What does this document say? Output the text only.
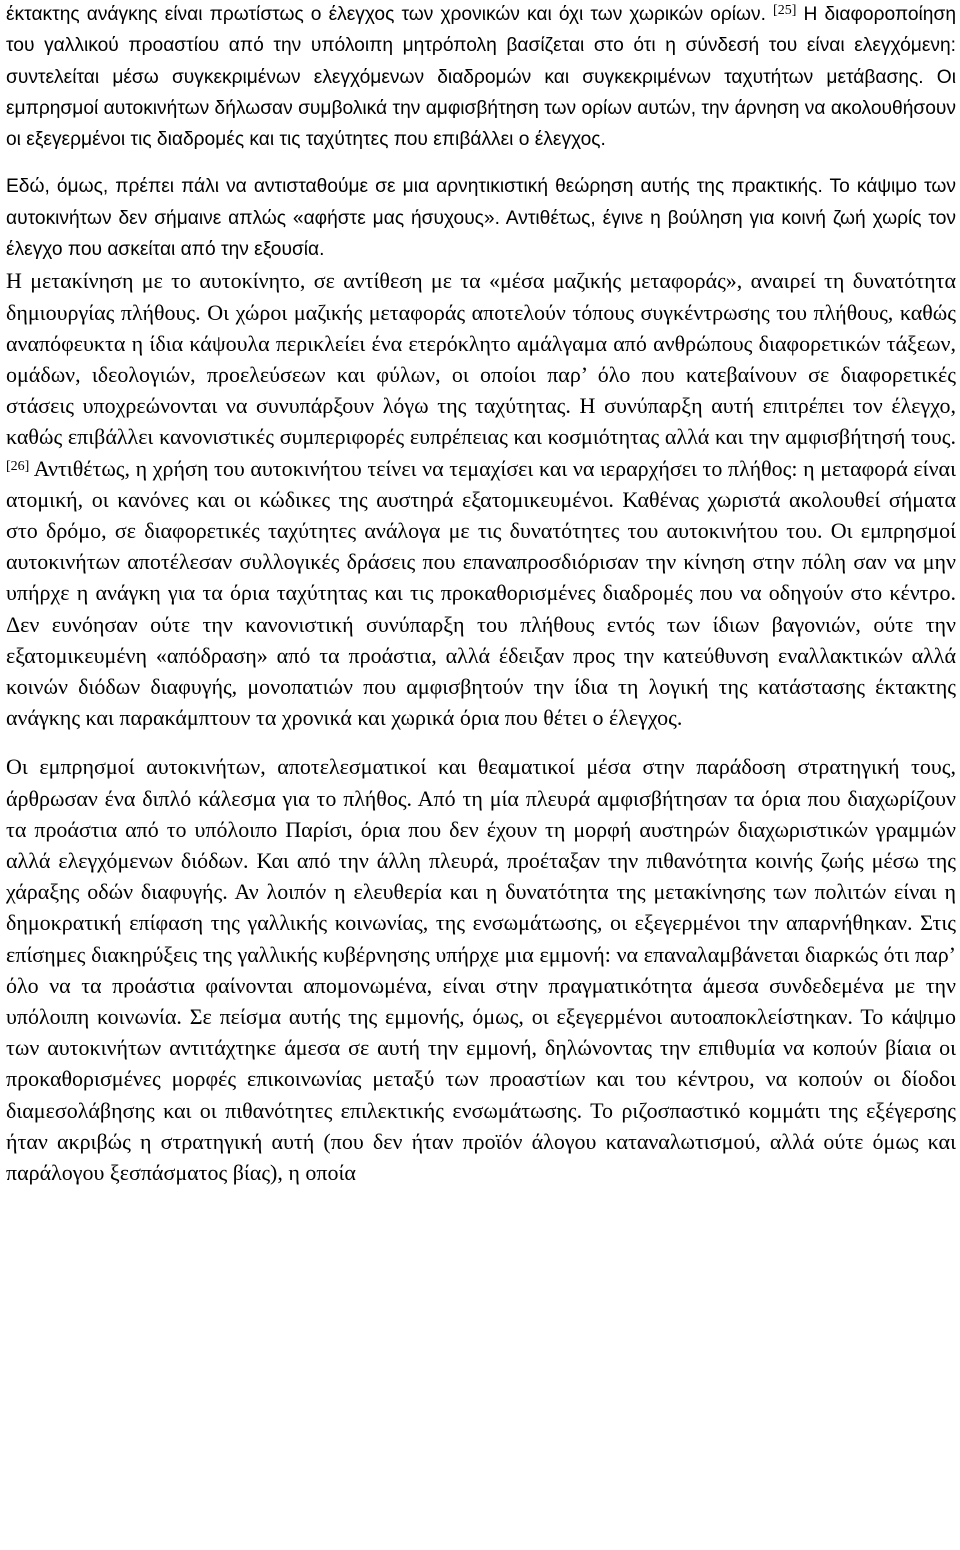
έκτακτης ανάγκης είναι πρωτίστως ο έλεγχος των χρονικών και όχι των χωρικών ορίων. [25] Η διαφοροποίηση του γαλλικού προαστίου από την υπόλοιπη μητρόπολη βασίζεται στο ότι η σύνδεσή του είναι ελεγχόμενη: συντελείται μέσω συγκεκριμένων ελεγχόμενων διαδρομών και συγκεκριμένων ταχυτήτων μετάβασης. Οι εμπρησμοί αυτοκινήτων δήλωσαν συμβολικά την αμφισβήτηση των ορίων αυτών, την άρνηση να ακολουθήσουν οι εξεγερμένοι τις διαδρομές και τις ταχύτητες που επιβάλλει ο έλεγχος.

Εδώ, όμως, πρέπει πάλι να αντισταθούμε σε μια αρνητικιστική θεώρηση αυτής της πρακτικής. Το κάψιμο των αυτοκινήτων δεν σήμαινε απλώς «αφήστε μας ήσυχους». Αντιθέτως, έγινε η βούληση για κοινή ζωή χωρίς τον έλεγχο που ασκείται από την εξουσία.

Η μετακίνηση με το αυτοκίνητο, σε αντίθεση με τα «μέσα μαζικής μεταφοράς», αναιρεί τη δυνατότητα δημιουργίας πλήθους. Οι χώροι μαζικής μεταφοράς αποτελούν τόπους συγκέντρωσης του πλήθους, καθώς αναπόφευκτα η ίδια κάψουλα περικλείει ένα ετερόκλητο αμάλγαμα από ανθρώπους διαφορετικών τάξεων, ομάδων, ιδεολογιών, προελεύσεων και φύλων, οι οποίοι παρ’ όλο που κατεβαίνουν σε διαφορετικές στάσεις υποχρεώνονται να συνυπάρξουν λόγω της ταχύτητας. Η συνύπαρξη αυτή επιτρέπει τον έλεγχο, καθώς επιβάλλει κανονιστικές συμπεριφορές ευπρέπειας και κοσμιότητας αλλά και την αμφισβήτησή τους. [26] Αντιθέτως, η χρήση του αυτοκινήτου τείνει να τεμαχίσει και να ιεραρχήσει το πλήθος: η μεταφορά είναι ατομική, οι κανόνες και οι κώδικες της αυστηρά εξατομικευμένοι. Καθένας χωριστά ακολουθεί σήματα στο δρόμο, σε διαφορετικές ταχύτητες ανάλογα με τις δυνατότητες του αυτοκινήτου του. Οι εμπρησμοί αυτοκινήτων αποτέλεσαν συλλογικές δράσεις που επαναπροσδιόρισαν την κίνηση στην πόλη σαν να μην υπήρχε η ανάγκη για τα όρια ταχύτητας και τις προκαθορισμένες διαδρομές που να οδηγούν στο κέντρο. Δεν ευνόησαν ούτε την κανονιστική συνύπαρξη του πλήθους εντός των ίδιων βαγονιών, ούτε την εξατομικευμένη «απόδραση» από τα προάστια, αλλά έδειξαν προς την κατεύθυνση εναλλακτικών αλλά κοινών διόδων διαφυγής, μονοπατιών που αμφισβητούν την ίδια τη λογική της κατάστασης έκτακτης ανάγκης και παρακάμπτουν τα χρονικά και χωρικά όρια που θέτει ο έλεγχος.

Οι εμπρησμοί αυτοκινήτων, αποτελεσματικοί και θεαματικοί μέσα στην παράδοση στρατηγική τους, άρθρωσαν ένα διπλό κάλεσμα για το πλήθος. Από τη μία πλευρά αμφισβήτησαν τα όρια που διαχωρίζουν τα προάστια από το υπόλοιπο Παρίσι, όρια που δεν έχουν τη μορφή αυστηρών διαχωριστικών γραμμών αλλά ελεγχόμενων διόδων. Και από την άλλη πλευρά, προέταξαν την πιθανότητα κοινής ζωής μέσω της χάραξης οδών διαφυγής. Αν λοιπόν η ελευθερία και η δυνατότητα της μετακίνησης των πολιτών είναι η δημοκρατική επίφαση της γαλλικής κοινωνίας, της ενσωμάτωσης, οι εξεγερμένοι την απαρνήθηκαν. Στις επίσημες διακηρύξεις της γαλλικής κυβέρνησης υπήρχε μια εμμονή: να επαναλαμβάνεται διαρκώς ότι παρ’ όλο να τα προάστια φαίνονται απομονωμένα, είναι στην πραγματικότητα άμεσα συνδεδεμένα με την υπόλοιπη κοινωνία. Σε πείσμα αυτής της εμμονής, όμως, οι εξεγερμένοι αυτοαποκλείστηκαν. Το κάψιμο των αυτοκινήτων αντιτάχτηκε άμεσα σε αυτή την εμμονή, δηλώνοντας την επιθυμία να κοπούν βίαια οι προκαθορισμένες μορφές επικοινωνίας μεταξύ των προαστίων και του κέντρου, να κοπούν οι δίοδοι διαμεσολάβησης και οι πιθανότητες επιλεκτικής ενσωμάτωσης. Το ριζοσπαστικό κομμάτι της εξέγερσης ήταν ακριβώς η στρατηγική αυτή (που δεν ήταν προϊόν άλογου καταναλωτισμού, αλλά ούτε όμως και παράλογου ξεσπάσματος βίας), η οποία
